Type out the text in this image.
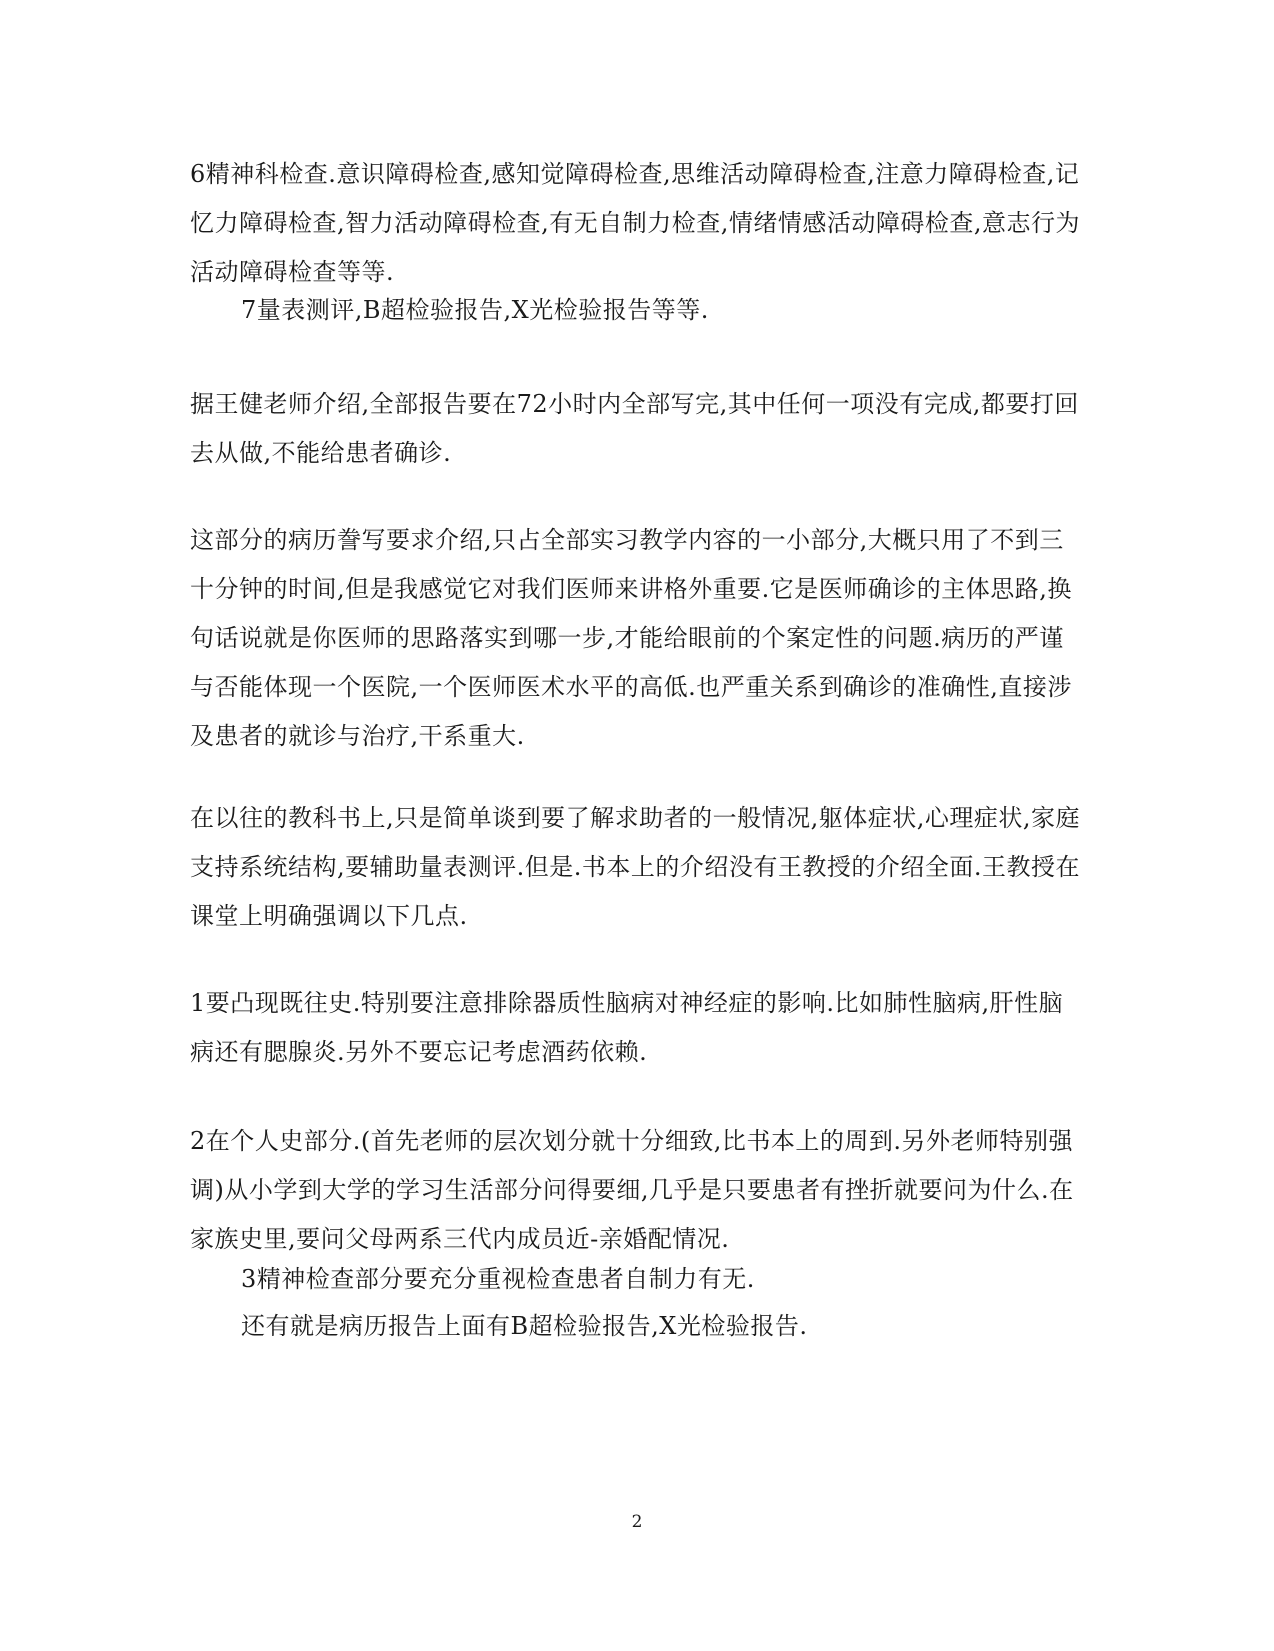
6精神科检查.意识障碍检查,感知觉障碍检查,思维活动障碍检查,注意力障碍检查,记忆力障碍检查,智力活动障碍检查,有无自制力检查,情绪情感活动障碍检查,意志行为活动障碍检查等等.
7量表测评,B超检验报告,X光检验报告等等.
据王健老师介绍,全部报告要在72小时内全部写完,其中任何一项没有完成,都要打回去从做,不能给患者确诊.
这部分的病历誊写要求介绍,只占全部实习教学内容的一小部分,大概只用了不到三十分钟的时间,但是我感觉它对我们医师来讲格外重要.它是医师确诊的主体思路,换句话说就是你医师的思路落实到哪一步,才能给眼前的个案定性的问题.病历的严谨与否能体现一个医院,一个医师医术水平的高低.也严重关系到确诊的准确性,直接涉及患者的就诊与治疗,干系重大.
在以往的教科书上,只是简单谈到要了解求助者的一般情况,躯体症状,心理症状,家庭支持系统结构,要辅助量表测评.但是.书本上的介绍没有王教授的介绍全面.王教授在课堂上明确强调以下几点.
1要凸现既往史.特别要注意排除器质性脑病对神经症的影响.比如肺性脑病,肝性脑病还有腮腺炎.另外不要忘记考虑酒药依赖.
2在个人史部分.(首先老师的层次划分就十分细致,比书本上的周到.另外老师特别强调)从小学到大学的学习生活部分问得要细,几乎是只要患者有挫折就要问为什么.在家族史里,要问父母两系三代内成员近-亲婚配情况.
3精神检查部分要充分重视检查患者自制力有无.
还有就是病历报告上面有B超检验报告,X光检验报告.
2
